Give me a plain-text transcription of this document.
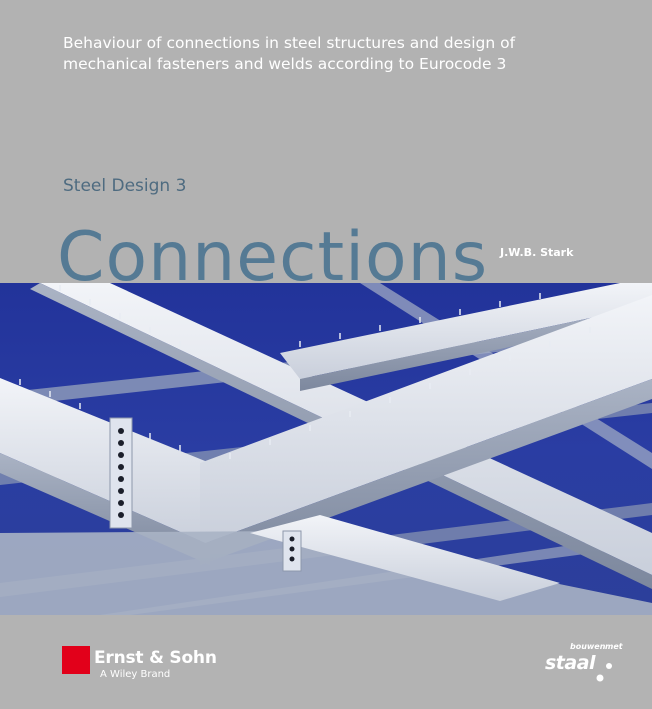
Behaviour of connections in steel structures and design of mechanical fasteners and welds according to Eurocode 3
Steel Design 3
Connections J.W.B. Stark
Ernst & Sohn
A Wiley Brand
bouwen met
staal
